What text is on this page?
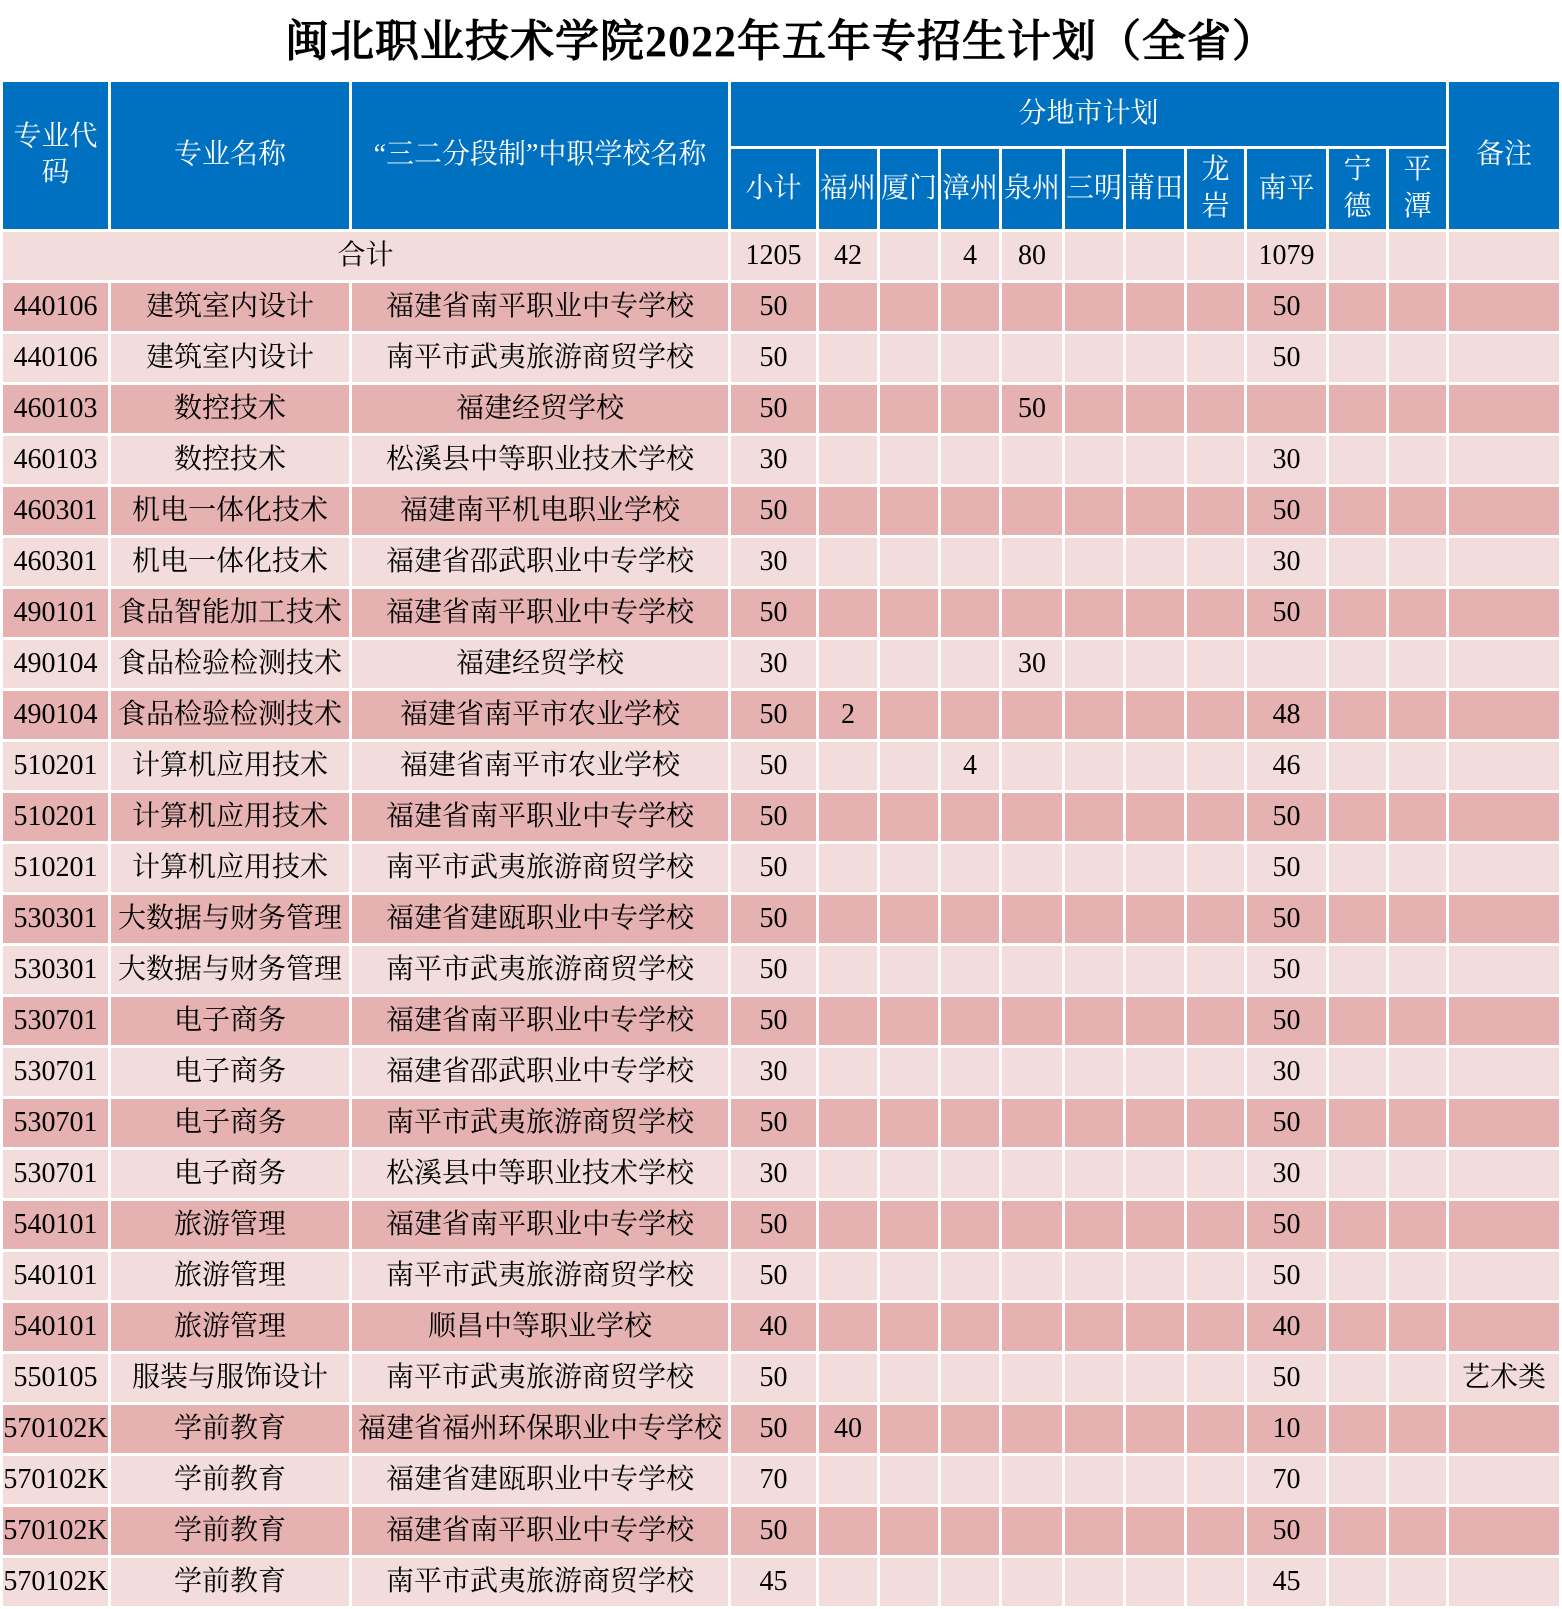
闽北职业技术学院2022年五年专招生计划（全省）
专业代码	专业名称	“三二分段制”中职学校名称	分地市计划											备注
			小计	福州	厦门	漳州	泉州	三明	莆田	龙岩	南平	宁德	平潭	
合计			1205	42		4	80				1079			
440106	建筑室内设计	福建省南平职业中专学校	50								50			
440106	建筑室内设计	南平市武夷旅游商贸学校	50								50			
460103	数控技术	福建经贸学校	50				50							
460103	数控技术	松溪县中等职业技术学校	30								30			
460301	机电一体化技术	福建南平机电职业学校	50								50			
460301	机电一体化技术	福建省邵武职业中专学校	30								30			
490101	食品智能加工技术	福建省南平职业中专学校	50								50			
490104	食品检验检测技术	福建经贸学校	30				30							
490104	食品检验检测技术	福建省南平市农业学校	50	2							48			
510201	计算机应用技术	福建省南平市农业学校	50			4					46			
510201	计算机应用技术	福建省南平职业中专学校	50								50			
510201	计算机应用技术	南平市武夷旅游商贸学校	50								50			
530301	大数据与财务管理	福建省建瓯职业中专学校	50								50			
530301	大数据与财务管理	南平市武夷旅游商贸学校	50								50			
530701	电子商务	福建省南平职业中专学校	50								50			
530701	电子商务	福建省邵武职业中专学校	30								30			
530701	电子商务	南平市武夷旅游商贸学校	50								50			
530701	电子商务	松溪县中等职业技术学校	30								30			
540101	旅游管理	福建省南平职业中专学校	50								50			
540101	旅游管理	南平市武夷旅游商贸学校	50								50			
540101	旅游管理	顺昌中等职业学校	40								40			
550105	服装与服饰设计	南平市武夷旅游商贸学校	50								50			艺术类
570102K	学前教育	福建省福州环保职业中专学校	50	40							10			
570102K	学前教育	福建省建瓯职业中专学校	70								70			
570102K	学前教育	福建省南平职业中专学校	50								50			
570102K	学前教育	南平市武夷旅游商贸学校	45								45			
